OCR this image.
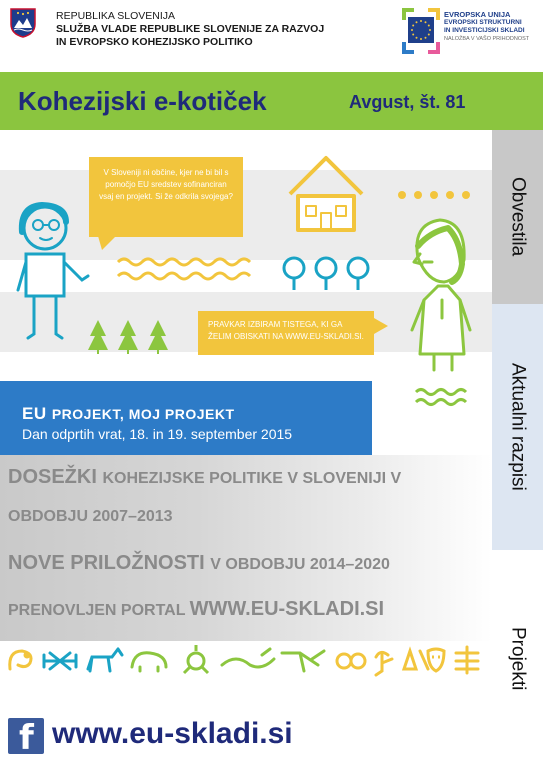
REPUBLIKA SLOVENIJA
SLUŽBA VLADE REPUBLIKE SLOVENIJE ZA RAZVOJ
IN EVROPSKO KOHEZIJSKO POLITIKO
EVROPSKA UNIJA
EVROPSKI STRUKTURNI
IN INVESTICIJSKI SKLADI
NALOŽBA V VAŠO PRIHODNOST
Kohezijski e-kotiček	Avgust, št. 81
Obvestila
Aktualni razpisi
Projekti
V Sloveniji ni občine, kjer ne bi bil s pomočjo EU sredstev sofinanciran vsaj en projekt. Si že odkrila svojega?
PRAVKAR IZBIRAM TISTEGA, KI GA ŽELIM OBISKATI NA WWW.EU-SKLADI.SI.
EU PROJEKT, MOJ PROJEKT
Dan odprtih vrat, 18. in 19. september 2015
DOSEŽKI KOHEZIJSKE POLITIKE V SLOVENIJI V
OBDOBJU 2007–2013
NOVE PRILOŽNOSTI V OBDOBJU 2014–2020
PRENOVLJEN PORTAL WWW.EU-SKLADI.SI
f www.eu-skladi.si
